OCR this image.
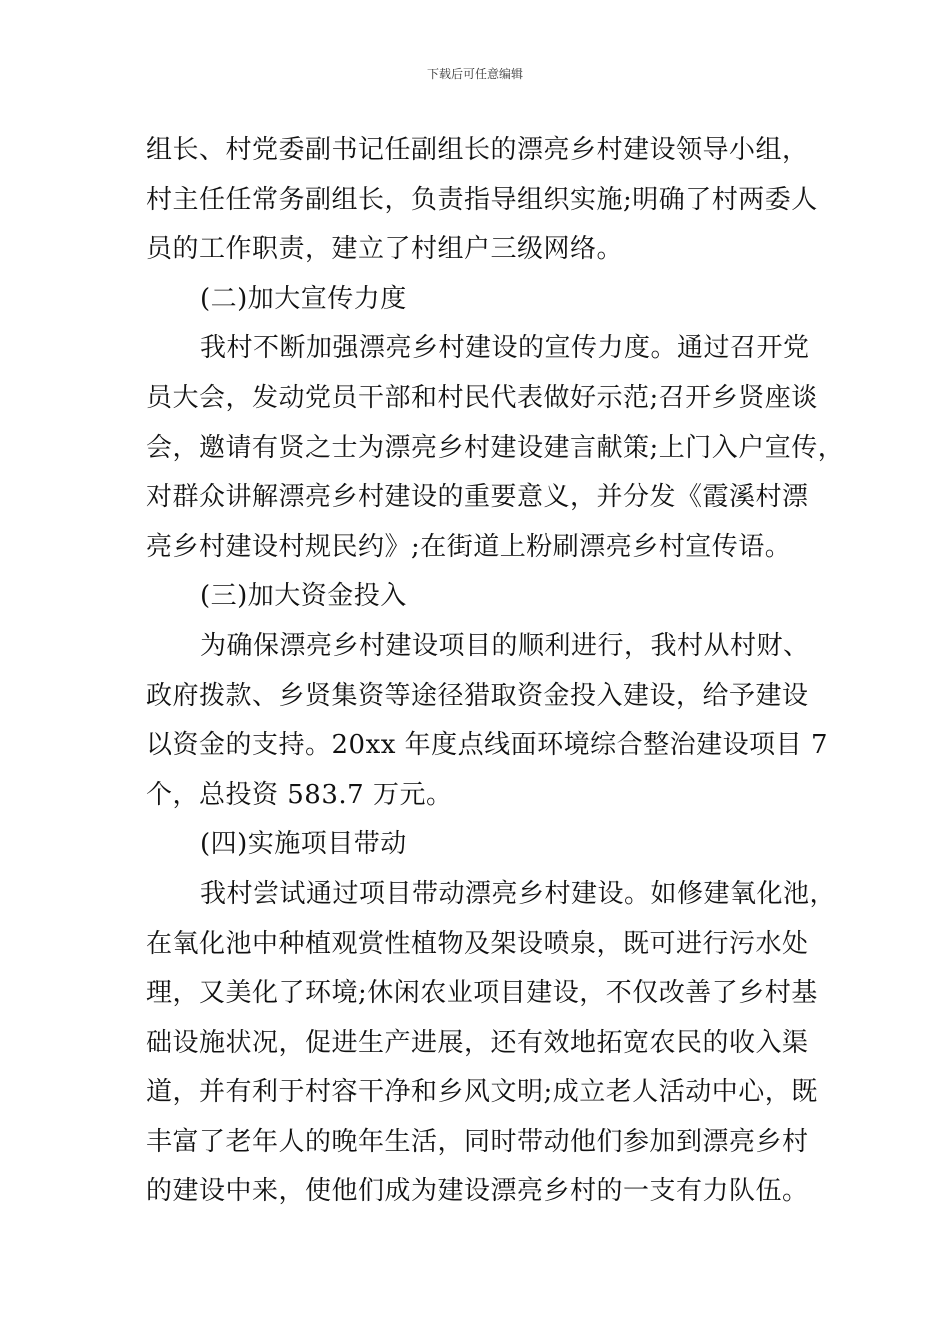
下载后可任意编辑
组长、村党委副书记任副组长的漂亮乡村建设领导小组，
村主任任常务副组长，负责指导组织实施;明确了村两委人
员的工作职责，建立了村组户三级网络。
(二)加大宣传力度
我村不断加强漂亮乡村建设的宣传力度。通过召开党
员大会，发动党员干部和村民代表做好示范;召开乡贤座谈
会，邀请有贤之士为漂亮乡村建设建言献策;上门入户宣传，
对群众讲解漂亮乡村建设的重要意义，并分发《霞溪村漂
亮乡村建设村规民约》;在街道上粉刷漂亮乡村宣传语。
(三)加大资金投入
为确保漂亮乡村建设项目的顺利进行，我村从村财、
政府拨款、乡贤集资等途径猎取资金投入建设，给予建设
以资金的支持。20xx 年度点线面环境综合整治建设项目 7
个，总投资 583.7 万元。
(四)实施项目带动
我村尝试通过项目带动漂亮乡村建设。如修建氧化池，
在氧化池中种植观赏性植物及架设喷泉，既可进行污水处
理，又美化了环境;休闲农业项目建设，不仅改善了乡村基
础设施状况，促进生产进展，还有效地拓宽农民的收入渠
道，并有利于村容干净和乡风文明;成立老人活动中心，既
丰富了老年人的晚年生活，同时带动他们参加到漂亮乡村
的建设中来，使他们成为建设漂亮乡村的一支有力队伍。
